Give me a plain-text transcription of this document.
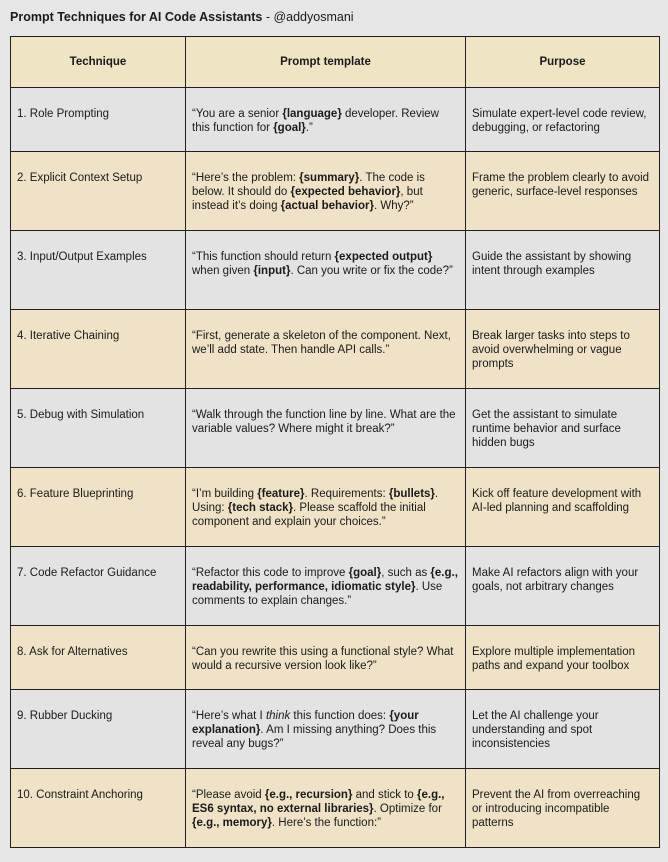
Prompt Techniques for AI Code Assistants - @addyosmani
Technique	Prompt template	Purpose
1. Role Prompting	“You are a senior {language} developer. Review this function for {goal}.”	Simulate expert-level code review, debugging, or refactoring
2. Explicit Context Setup	“Here’s the problem: {summary}. The code is below. It should do {expected behavior}, but instead it’s doing {actual behavior}. Why?”	Frame the problem clearly to avoid generic, surface-level responses
3. Input/Output Examples	“This function should return {expected output} when given {input}. Can you write or fix the code?”	Guide the assistant by showing intent through examples
4. Iterative Chaining	“First, generate a skeleton of the component. Next, we’ll add state. Then handle API calls.”	Break larger tasks into steps to avoid overwhelming or vague prompts
5. Debug with Simulation	“Walk through the function line by line. What are the variable values? Where might it break?”	Get the assistant to simulate runtime behavior and surface hidden bugs
6. Feature Blueprinting	“I’m building {feature}. Requirements: {bullets}. Using: {tech stack}. Please scaffold the initial component and explain your choices.”	Kick off feature development with AI-led planning and scaffolding
7. Code Refactor Guidance	“Refactor this code to improve {goal}, such as {e.g., readability, performance, idiomatic style}. Use comments to explain changes.”	Make AI refactors align with your goals, not arbitrary changes
8. Ask for Alternatives	“Can you rewrite this using a functional style? What would a recursive version look like?”	Explore multiple implementation paths and expand your toolbox
9. Rubber Ducking	“Here’s what I think this function does: {your explanation}. Am I missing anything? Does this reveal any bugs?”	Let the AI challenge your understanding and spot inconsistencies
10. Constraint Anchoring	“Please avoid {e.g., recursion} and stick to {e.g., ES6 syntax, no external libraries}. Optimize for {e.g., memory}. Here’s the function:”	Prevent the AI from overreaching or introducing incompatible patterns
